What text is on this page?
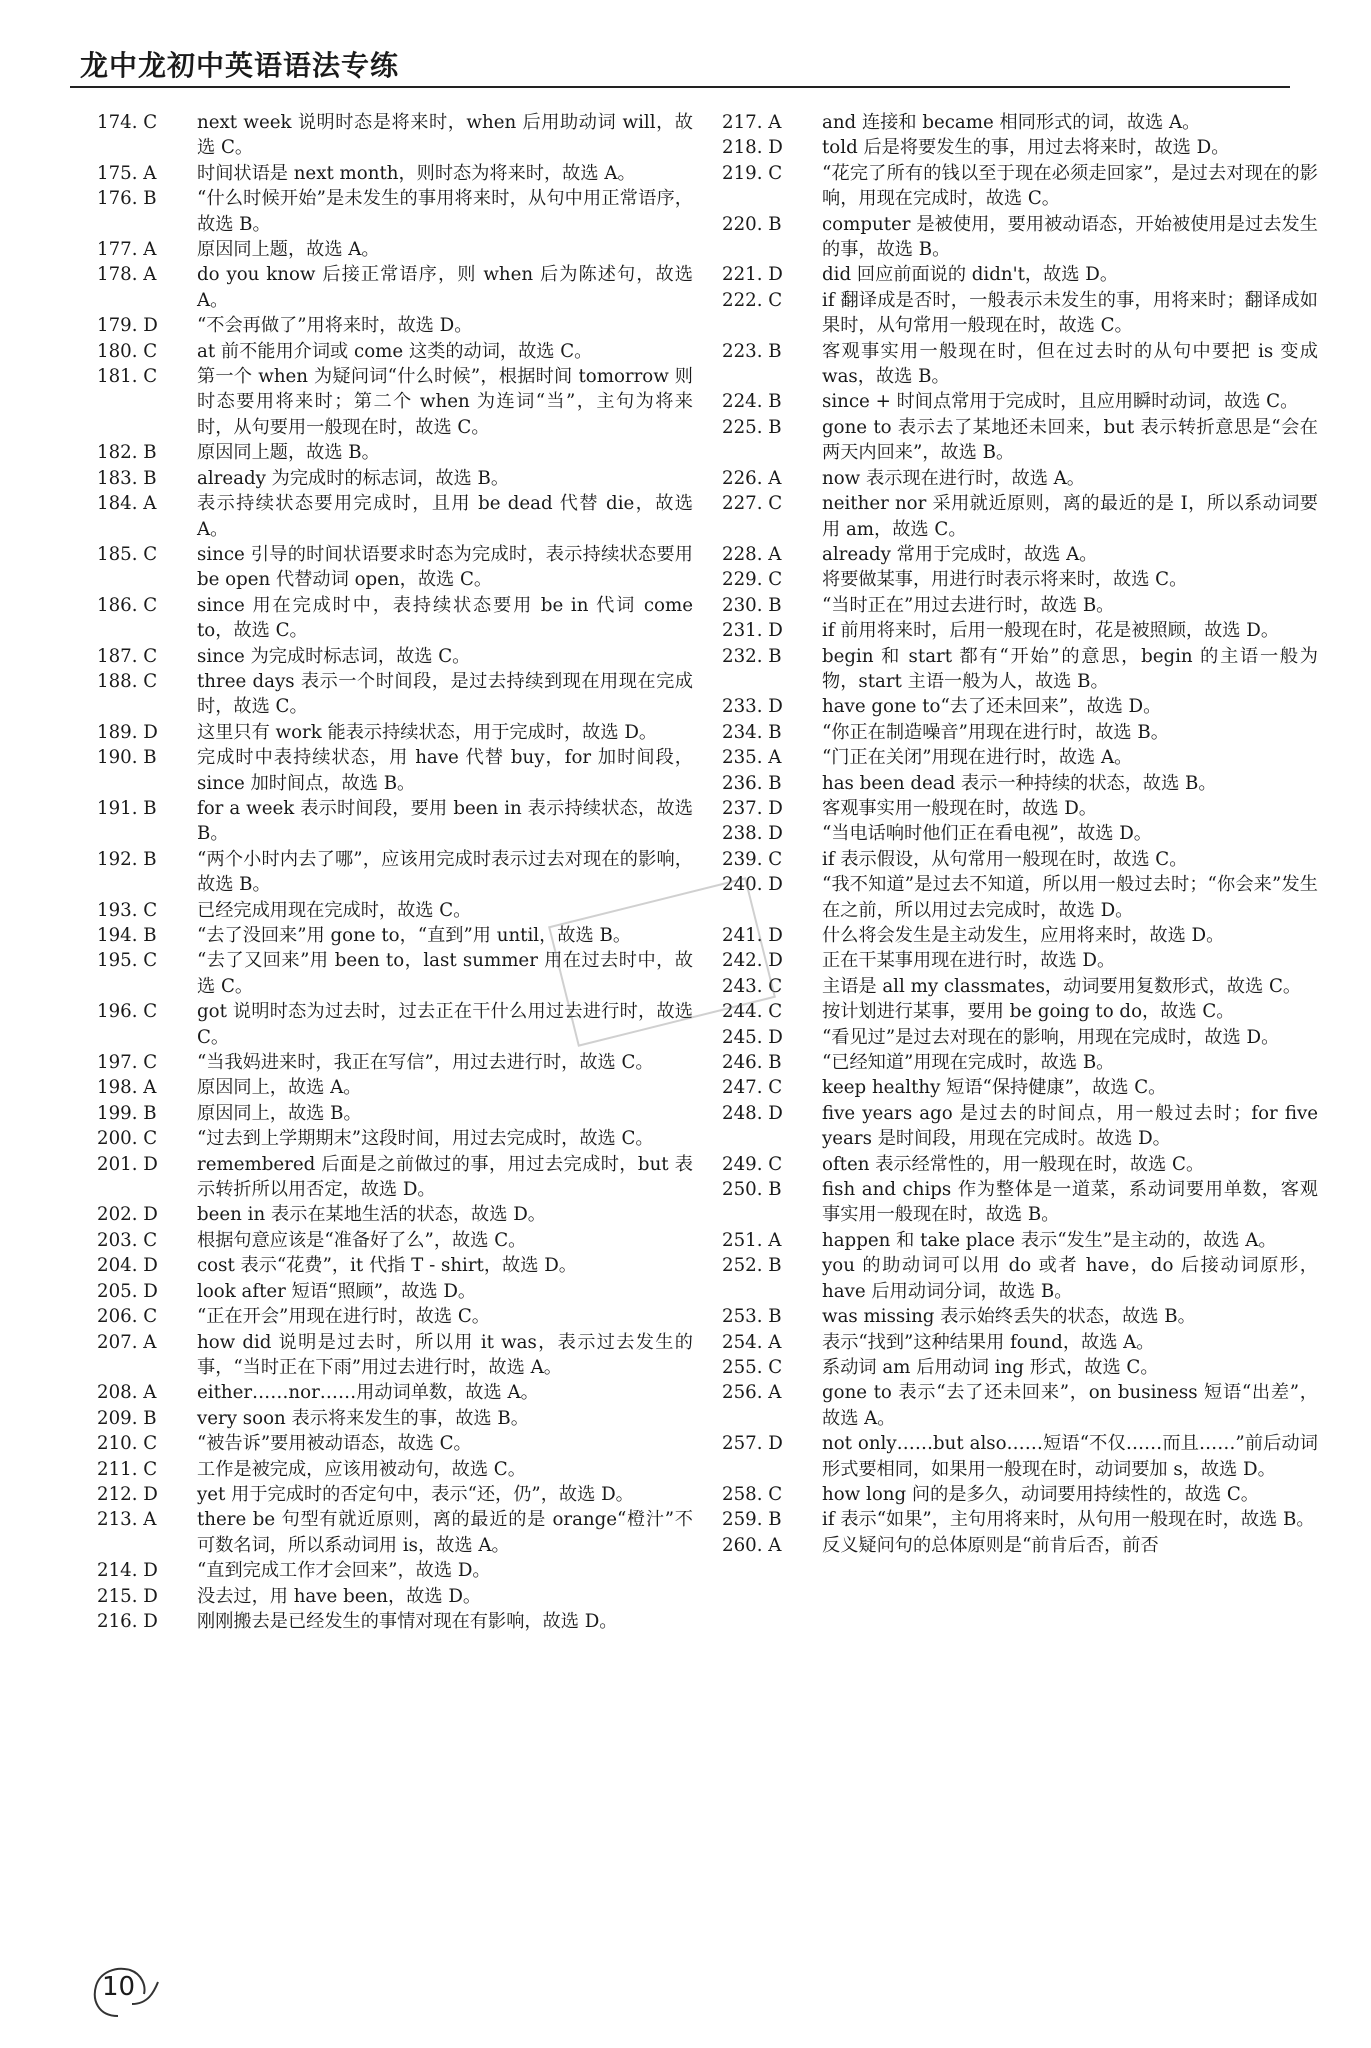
龙中龙初中英语语法专练
174. C	next week 说明时态是将来时，when 后用助动词 will，故选 C。
175. A	时间状语是 next month，则时态为将来时，故选 A。
176. B	“什么时候开始”是未发生的事用将来时，从句中用正常语序，故选 B。
177. A	原因同上题，故选 A。
178. A	do you know 后接正常语序，则 when 后为陈述句，故选 A。
179. D	“不会再做了”用将来时，故选 D。
180. C	at 前不能用介词或 come 这类的动词，故选 C。
181. C	第一个 when 为疑问词“什么时候”，根据时间 tomorrow 则时态要用将来时；第二个 when 为连词“当”，主句为将来时，从句要用一般现在时，故选 C。
182. B	原因同上题，故选 B。
183. B	already 为完成时的标志词，故选 B。
184. A	表示持续状态要用完成时，且用 be dead 代替 die，故选 A。
185. C	since 引导的时间状语要求时态为完成时，表示持续状态要用 be open 代替动词 open，故选 C。
186. C	since 用在完成时中，表持续状态要用 be in 代词 come to，故选 C。
187. C	since 为完成时标志词，故选 C。
188. C	three days 表示一个时间段，是过去持续到现在用现在完成时，故选 C。
189. D	这里只有 work 能表示持续状态，用于完成时，故选 D。
190. B	完成时中表持续状态，用 have 代替 buy，for 加时间段，since 加时间点，故选 B。
191. B	for a week 表示时间段，要用 been in 表示持续状态，故选 B。
192. B	“两个小时内去了哪”，应该用完成时表示过去对现在的影响，故选 B。
193. C	已经完成用现在完成时，故选 C。
194. B	“去了没回来”用 gone to，“直到”用 until，故选 B。
195. C	“去了又回来”用 been to，last summer 用在过去时中，故选 C。
196. C	got 说明时态为过去时，过去正在干什么用过去进行时，故选 C。
197. C	“当我妈进来时，我正在写信”，用过去进行时，故选 C。
198. A	原因同上，故选 A。
199. B	原因同上，故选 B。
200. C	“过去到上学期期末”这段时间，用过去完成时，故选 C。
201. D	remembered 后面是之前做过的事，用过去完成时，but 表示转折所以用否定，故选 D。
202. D	been in 表示在某地生活的状态，故选 D。
203. C	根据句意应该是“准备好了么”，故选 C。
204. D	cost 表示“花费”，it 代指 T - shirt，故选 D。
205. D	look after 短语“照顾”，故选 D。
206. C	“正在开会”用现在进行时，故选 C。
207. A	how did 说明是过去时，所以用 it was，表示过去发生的事，“当时正在下雨”用过去进行时，故选 A。
208. A	either……nor……用动词单数，故选 A。
209. B	very soon 表示将来发生的事，故选 B。
210. C	“被告诉”要用被动语态，故选 C。
211. C	工作是被完成，应该用被动句，故选 C。
212. D	yet 用于完成时的否定句中，表示“还，仍”，故选 D。
213. A	there be 句型有就近原则，离的最近的是 orange“橙汁”不可数名词，所以系动词用 is，故选 A。
214. D	“直到完成工作才会回来”，故选 D。
215. D	没去过，用 have been，故选 D。
216. D	刚刚搬去是已经发生的事情对现在有影响，故选 D。
217. A	and 连接和 became 相同形式的词，故选 A。
218. D	told 后是将要发生的事，用过去将来时，故选 D。
219. C	“花完了所有的钱以至于现在必须走回家”，是过去对现在的影响，用现在完成时，故选 C。
220. B	computer 是被使用，要用被动语态，开始被使用是过去发生的事，故选 B。
221. D	did 回应前面说的 didn't，故选 D。
222. C	if 翻译成是否时，一般表示未发生的事，用将来时；翻译成如果时，从句常用一般现在时，故选 C。
223. B	客观事实用一般现在时，但在过去时的从句中要把 is 变成 was，故选 B。
224. B	since + 时间点常用于完成时，且应用瞬时动词，故选 C。
225. B	gone to 表示去了某地还未回来，but 表示转折意思是“会在两天内回来”，故选 B。
226. A	now 表示现在进行时，故选 A。
227. C	neither nor 采用就近原则，离的最近的是 I，所以系动词要用 am，故选 C。
228. A	already 常用于完成时，故选 A。
229. C	将要做某事，用进行时表示将来时，故选 C。
230. B	“当时正在”用过去进行时，故选 B。
231. D	if 前用将来时，后用一般现在时，花是被照顾，故选 D。
232. B	begin 和 start 都有“开始”的意思，begin 的主语一般为物，start 主语一般为人，故选 B。
233. D	have gone to“去了还未回来”，故选 D。
234. B	“你正在制造噪音”用现在进行时，故选 B。
235. A	“门正在关闭”用现在进行时，故选 A。
236. B	has been dead 表示一种持续的状态，故选 B。
237. D	客观事实用一般现在时，故选 D。
238. D	“当电话响时他们正在看电视”，故选 D。
239. C	if 表示假设，从句常用一般现在时，故选 C。
240. D	“我不知道”是过去不知道，所以用一般过去时；“你会来”发生在之前，所以用过去完成时，故选 D。
241. D	什么将会发生是主动发生，应用将来时，故选 D。
242. D	正在干某事用现在进行时，故选 D。
243. C	主语是 all my classmates，动词要用复数形式，故选 C。
244. C	按计划进行某事，要用 be going to do，故选 C。
245. D	“看见过”是过去对现在的影响，用现在完成时，故选 D。
246. B	“已经知道”用现在完成时，故选 B。
247. C	keep healthy 短语“保持健康”，故选 C。
248. D	five years ago 是过去的时间点，用一般过去时；for five years 是时间段，用现在完成时。故选 D。
249. C	often 表示经常性的，用一般现在时，故选 C。
250. B	fish and chips 作为整体是一道菜，系动词要用单数，客观事实用一般现在时，故选 B。
251. A	happen 和 take place 表示“发生”是主动的，故选 A。
252. B	you 的助动词可以用 do 或者 have，do 后接动词原形，have 后用动词分词，故选 B。
253. B	was missing 表示始终丢失的状态，故选 B。
254. A	表示“找到”这种结果用 found，故选 A。
255. C	系动词 am 后用动词 ing 形式，故选 C。
256. A	gone to 表示“去了还未回来”，on business 短语“出差”，故选 A。
257. D	not only……but also……短语“不仅……而且……”前后动词形式要相同，如果用一般现在时，动词要加 s，故选 D。
258. C	how long 问的是多久，动词要用持续性的，故选 C。
259. B	if 表示“如果”，主句用将来时，从句用一般现在时，故选 B。
260. A	反义疑问句的总体原则是“前肯后否，前否
10
